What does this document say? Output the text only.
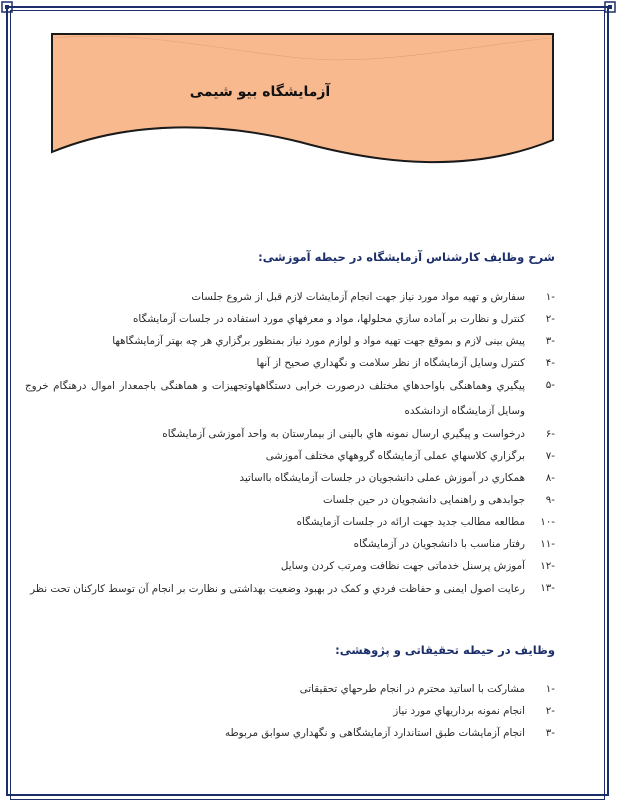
آزمایشگاه بیو شیمی
شرح وظایف کارشناس آزمایشگاه در حیطه آموزشی:
-۱
سفارش و تهیه مواد مورد نیاز جهت انجام آزمایشات لازم قبل از شروع جلسات
-۲
کنترل و نظارت بر آماده سازي محلولها، مواد و معرفهاي مورد استفاده در جلسات آزمایشگاه
-۳
پیش بینی لازم و بموقع جهت تهیه مواد و لوازم مورد نیاز بمنظور برگزاري هر چه بهتر آزمایشگاهها
-۴
کنترل وسایل آزمایشگاه از نظر سلامت و نگهداري صحیح از آنها
-۵
پیگیري وهماهنگی باواحدهاي مختلف درصورت خرابی دستگاههاوتجهیزات و هماهنگی باجمعدار اموال درهنگام خروج وسایل آزمایشگاه ازدانشکده
-۶
درخواست و پیگیري ارسال نمونه هاي بالینی از بیمارستان به واحد آموزشی آزمایشگاه
-۷
برگزاري کلاسهاي عملی آزمایشگاه گروههاي مختلف آموزشی
-۸
همکاري در آموزش عملی دانشجویان در جلسات آزمایشگاه بااساتید
-۹
جوابدهی و راهنمایی دانشجویان در حین جلسات
-۱۰
مطالعه مطالب جدید جهت ارائه در جلسات آزمایشگاه
-۱۱
رفتار مناسب با دانشجویان در آزمایشگاه
-۱۲
آموزش پرسنل خدماتی جهت نظافت ومرتب کردن وسایل
-۱۳
رعایت اصول ایمنی و حفاظت فردي و کمک در بهبود وضعیت بهداشتی و نظارت بر انجام آن توسط کارکنان تحت نظر
وظایف در حیطه تحقیقاتی و پژوهشی:
-۱
مشارکت با اساتید محترم در انجام طرحهاي تحقیقاتی
-۲
انجام نمونه برداریهاي مورد نیاز
-۳
انجام آزمایشات طبق استاندارد آزمایشگاهی و نگهداري سوابق مربوطه
